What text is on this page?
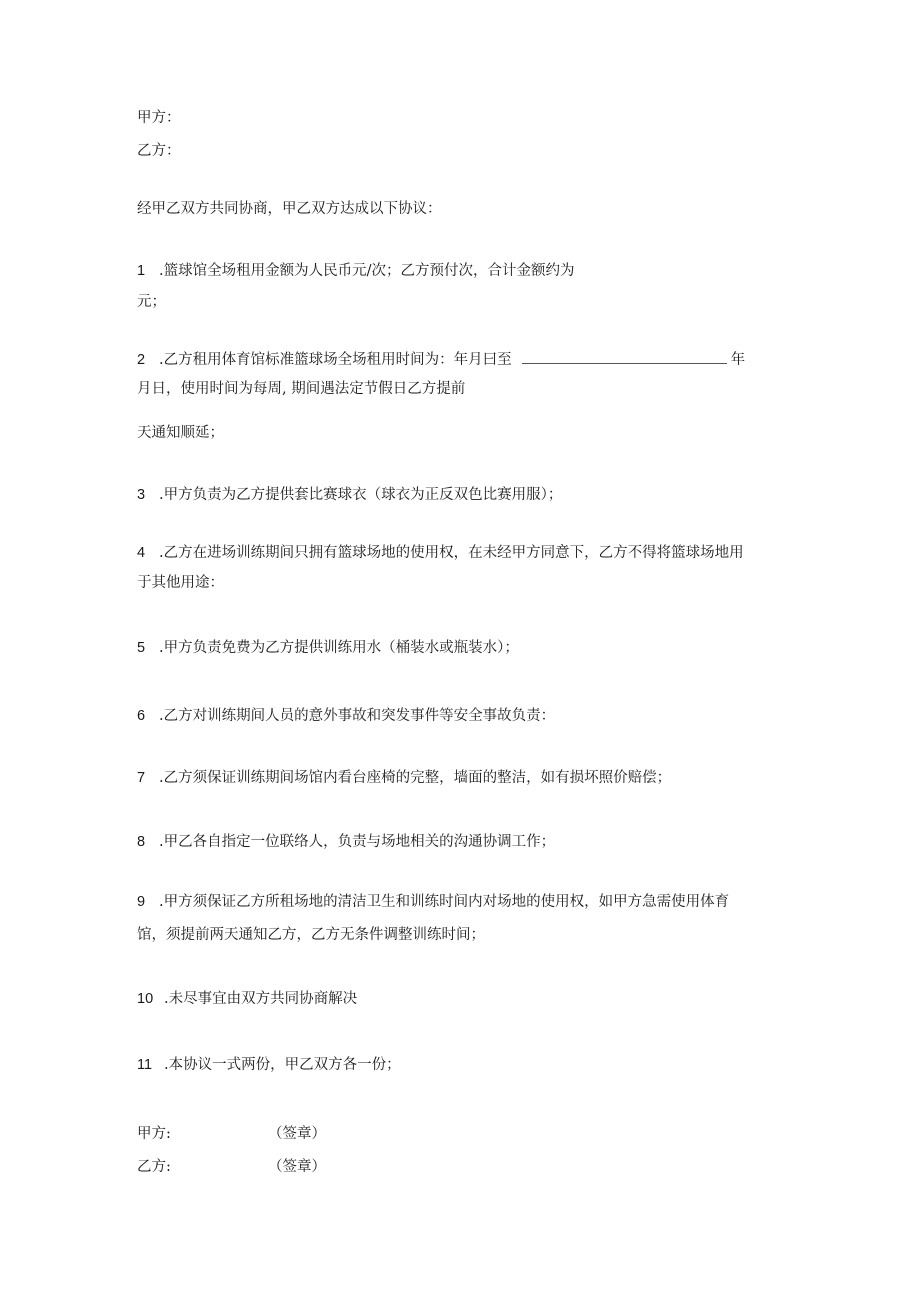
甲方：
乙方：
经甲乙双方共同协商，甲乙双方达成以下协议：
1 .篮球馆全场租用金额为人民币元/次；乙方预付次，合计金额约为
元；
2 .乙方租用体育馆标准篮球场全场租用时间为：年月曰至	年
月日，使用时间为每周, 期间遇法定节假日乙方提前
天通知顺延；
3 .甲方负责为乙方提供套比赛球衣（球衣为正反双色比赛用服）；
4 .乙方在进场训练期间只拥有篮球场地的使用权，在未经甲方同意下，乙方不得将篮球场地用
于其他用途：
5 .甲方负责免费为乙方提供训练用水（桶装水或瓶装水）；
6 .乙方对训练期间人员的意外事故和突发事件等安全事故负责：
7 .乙方须保证训练期间场馆内看台座椅的完整，墙面的整洁，如有损坏照价赔偿；
8 .甲乙各自指定一位联络人，负责与场地相关的沟通协调工作；
9 .甲方须保证乙方所租场地的清洁卫生和训练时间内对场地的使用权，如甲方急需使用体育
馆，须提前两天通知乙方，乙方无条件调整训练时间；
10 .未尽事宜由双方共同协商解决
11 .本协议一式两份，甲乙双方各一份；
甲方:	（签章）
乙方:	（签章）
